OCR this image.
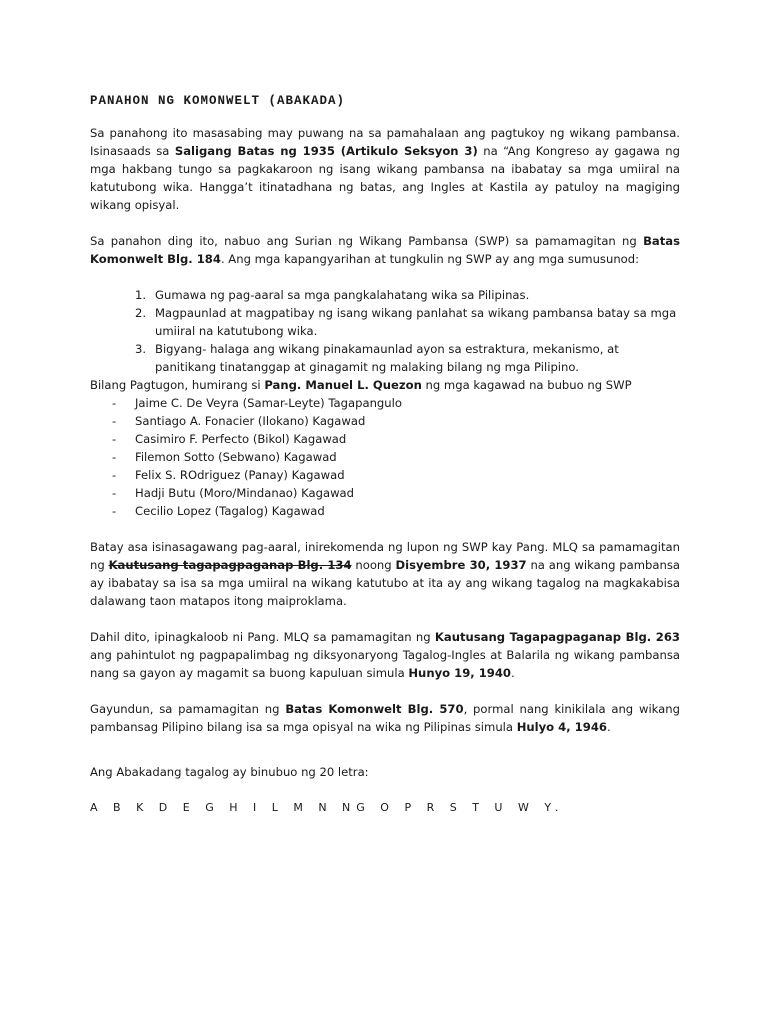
PANAHON NG KOMONWELT (ABAKADA)

Sa panahong ito masasabing may puwang na sa pamahalaan ang pagtukoy ng wikang pambansa. Isinasaads sa Saligang Batas ng 1935 (Artikulo Seksyon 3) na “Ang Kongreso ay gagawa ng mga hakbang tungo sa pagkakaroon ng isang wikang pambansa na ibabatay sa mga umiiral na katutubong wika. Hangga’t itinatadhana ng batas, ang Ingles at Kastila ay patuloy na magiging wikang opisyal.

Sa panahon ding ito, nabuo ang Surian ng Wikang Pambansa (SWP) sa pamamagitan ng Batas Komonwelt Blg. 184. Ang mga kapangyarihan at tungkulin ng SWP ay ang mga sumusunod:

1. Gumawa ng pag-aaral sa mga pangkalahatang wika sa Pilipinas.
2. Magpaunlad at magpatibay ng isang wikang panlahat sa wikang pambansa batay sa mga umiiral na katutubong wika.
3. Bigyang- halaga ang wikang pinakamaunlad ayon sa estraktura, mekanismo, at panitikang tinatanggap at ginagamit ng malaking bilang ng mga Pilipino.

Bilang Pagtugon, humirang si Pang. Manuel L. Quezon ng mga kagawad na bubuo ng SWP

- Jaime C. De Veyra (Samar-Leyte) Tagapangulo
- Santiago A. Fonacier (Ilokano) Kagawad
- Casimiro F. Perfecto (Bikol) Kagawad
- Filemon Sotto (Sebwano) Kagawad
- Felix S. ROdriguez (Panay) Kagawad
- Hadji Butu (Moro/Mindanao) Kagawad
- Cecilio Lopez (Tagalog) Kagawad

Batay asa isinasagawang pag-aaral, inirekomenda ng lupon ng SWP kay Pang. MLQ sa pamamagitan ng Kautusang tagapagpaganap Blg. 134 noong Disyembre 30, 1937 na ang wikang pambansa ay ibabatay sa isa sa mga umiiral na wikang katutubo at ita ay ang wikang tagalog na magkakabisa dalawang taon matapos itong maiproklama.

Dahil dito, ipinagkaloob ni Pang. MLQ sa pamamagitan ng Kautusang Tagapagpaganap Blg. 263 ang pahintulot ng pagpapalimbag ng diksyonaryong Tagalog-Ingles at Balarila ng wikang pambansa nang sa gayon ay magamit sa buong kapuluan simula Hunyo 19, 1940.

Gayundun, sa pamamagitan ng Batas Komonwelt Blg. 570, pormal nang kinikilala ang wikang pambansag Pilipino bilang isa sa mga opisyal na wika ng Pilipinas simula Hulyo 4, 1946.

Ang Abakadang tagalog ay binubuo ng 20 letra:

A B K D E G H I L M N NG O P R S T U W Y.
